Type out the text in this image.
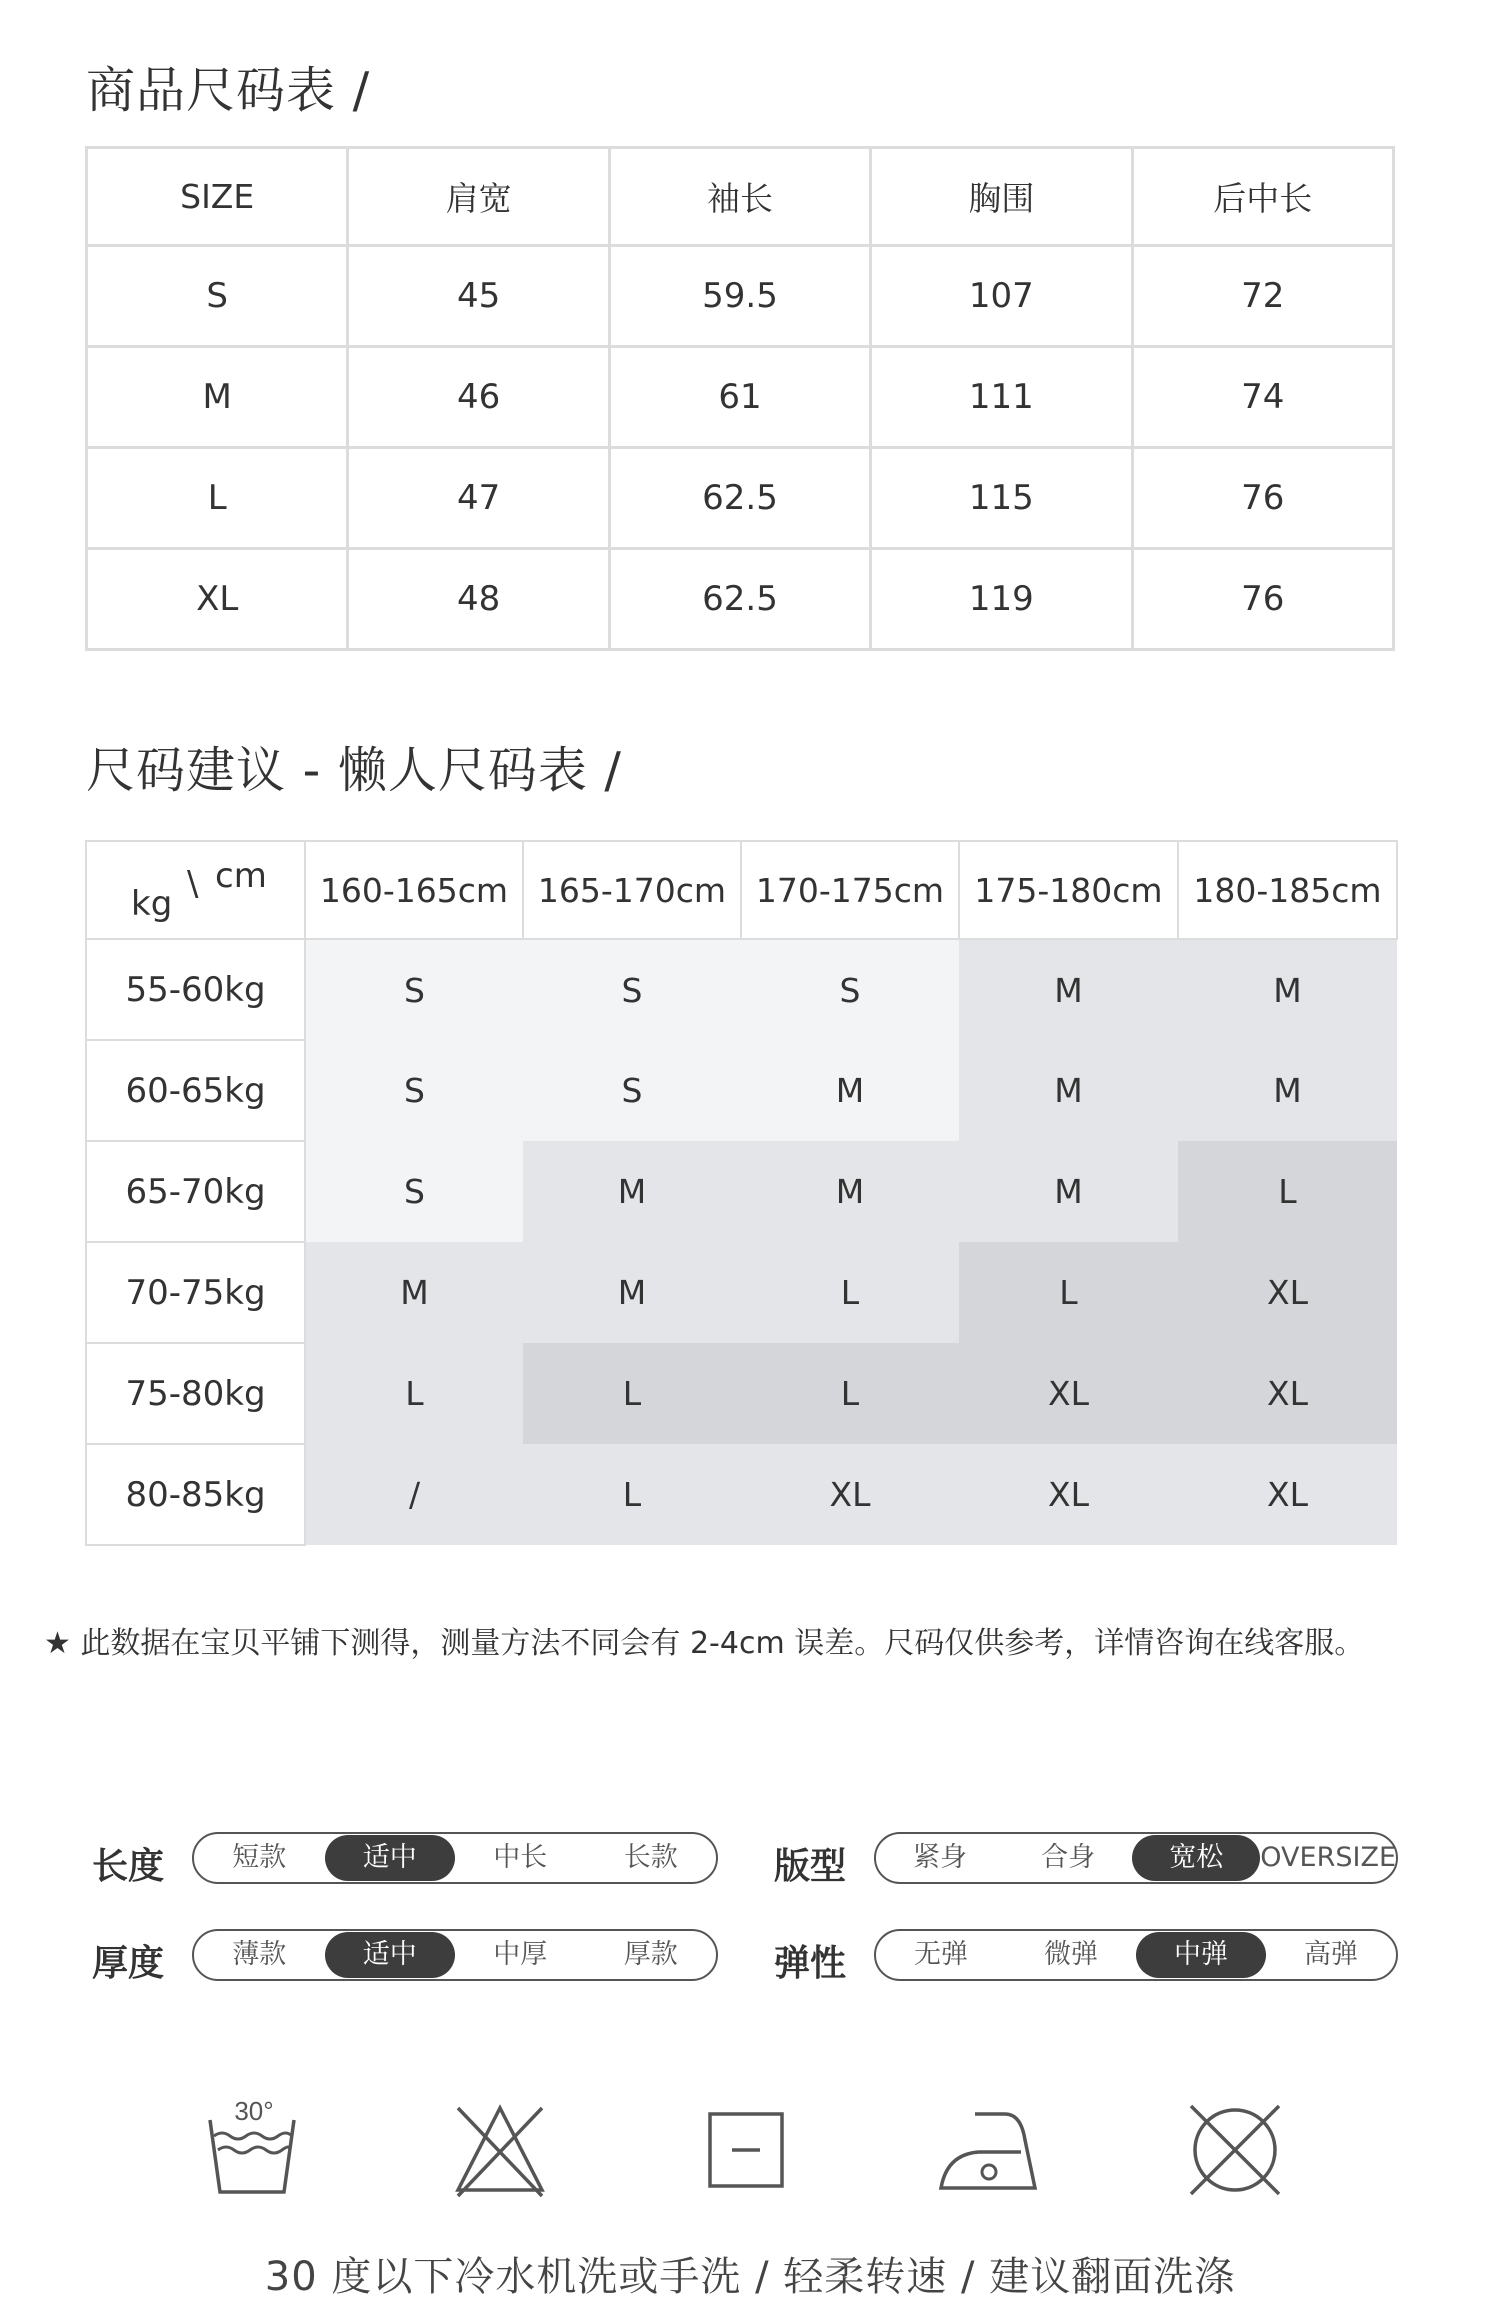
商品尺码表 /
SIZE	肩宽	袖长	胸围	后中长
S	45	59.5	107	72
M	46	61	111	74
L	47	62.5	115	76
XL	48	62.5	119	76
尺码建议 - 懒人尺码表 /
kg \ cm	160-165cm	165-170cm	170-175cm	175-180cm	180-185cm
55-60kg	S	S	S	M	M
60-65kg	S	S	M	M	M
65-70kg	S	M	M	M	L
70-75kg	M	M	L	L	XL
75-80kg	L	L	L	XL	XL
80-85kg	/	L	XL	XL	XL
★ 此数据在宝贝平铺下测得，测量方法不同会有 2-4cm 误差。尺码仅供参考，详情咨询在线客服。
长度	短款	适中	中长	长款	版型	紧身	合身	宽松	OVERSIZE
厚度	薄款	适中	中厚	厚款	弹性	无弹	微弹	中弹	高弹
30°
30 度以下冷水机洗或手洗 / 轻柔转速 / 建议翻面洗涤
